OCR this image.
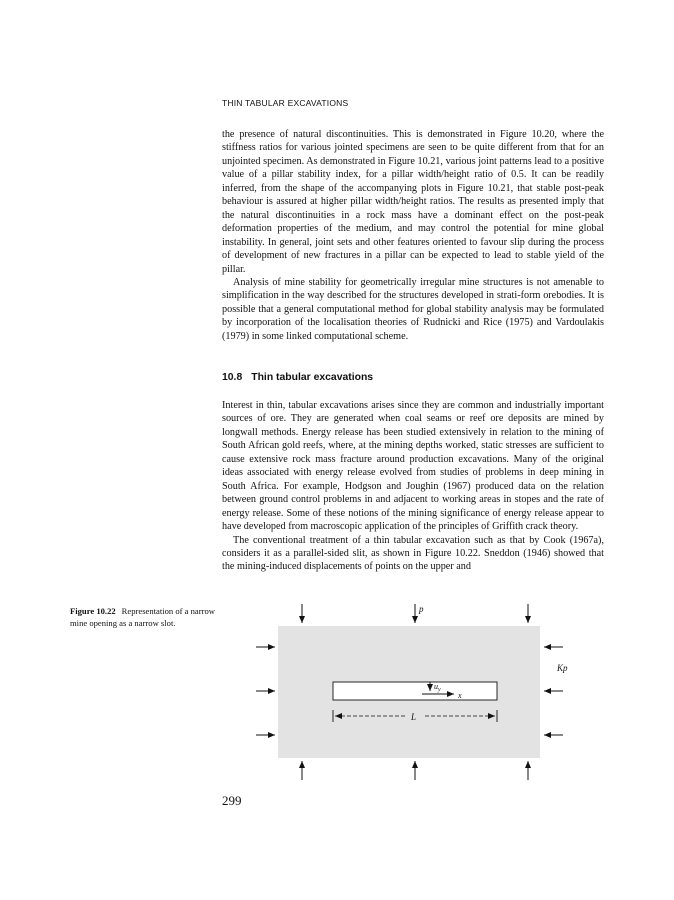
THIN TABULAR EXCAVATIONS

the presence of natural discontinuities. This is demonstrated in Figure 10.20, where the stiffness ratios for various jointed specimens are seen to be quite different from that for an unjointed specimen. As demonstrated in Figure 10.21, various joint patterns lead to a positive value of a pillar stability index, for a pillar width/height ratio of 0.5. It can be readily inferred, from the shape of the accompanying plots in Figure 10.21, that stable post-peak behaviour is assured at higher pillar width/height ratios. The results as presented imply that the natural discontinuities in a rock mass have a dominant effect on the post-peak deformation properties of the medium, and may control the potential for mine global instability. In general, joint sets and other features oriented to favour slip during the process of development of new fractures in a pillar can be expected to lead to stable yield of the pillar.

Analysis of mine stability for geometrically irregular mine structures is not amenable to simplification in the way described for the structures developed in strati-form orebodies. It is possible that a general computational method for global stability analysis may be formulated by incorporation of the localisation theories of Rudnicki and Rice (1975) and Vardoulakis (1979) in some linked computational scheme.

10.8 Thin tabular excavations

Interest in thin, tabular excavations arises since they are common and industrially important sources of ore. They are generated when coal seams or reef ore deposits are mined by longwall methods. Energy release has been studied extensively in relation to the mining of South African gold reefs, where, at the mining depths worked, static stresses are sufficient to cause extensive rock mass fracture around production excavations. Many of the original ideas associated with energy release evolved from studies of problems in deep mining in South Africa. For example, Hodgson and Joughin (1967) produced data on the relation between ground control problems in and adjacent to working areas in stopes and the rate of energy release. Some of these notions of the mining significance of energy release appear to have developed from macroscopic application of the principles of Griffith crack theory.

The conventional treatment of a thin tabular excavation such as that by Cook (1967a), considers it as a parallel-sided slit, as shown in Figure 10.22. Sneddon (1946) showed that the mining-induced displacements of points on the upper and

Figure 10.22 Representation of a narrow mine opening as a narrow slot.
p
Kp
$u_y$
x
L
299
